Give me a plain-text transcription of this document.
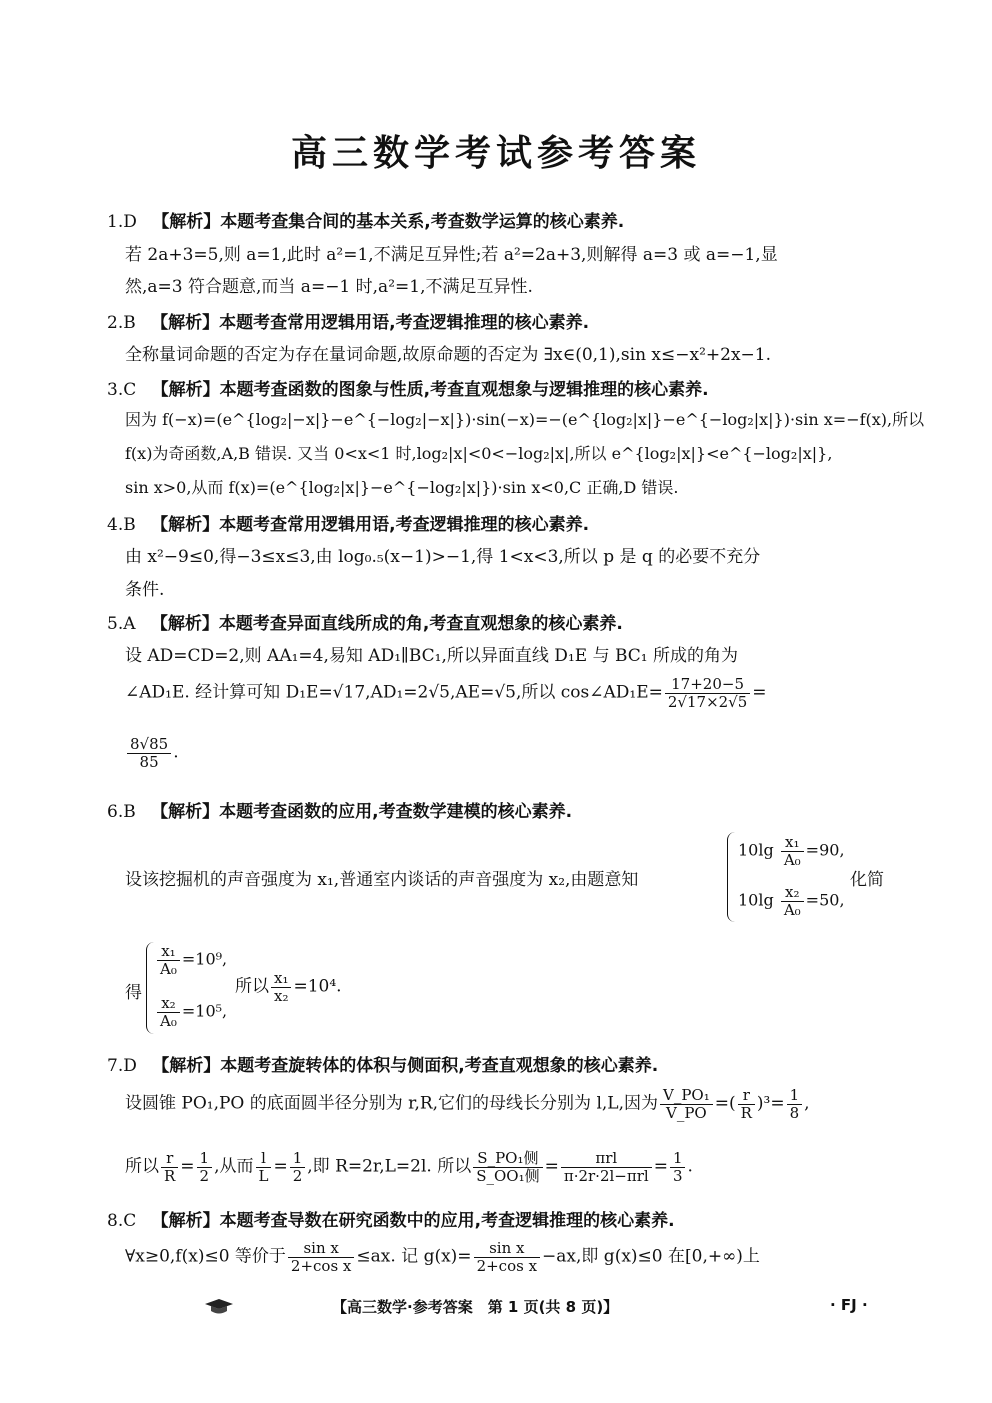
高三数学考试参考答案
1.D 【解析】本题考查集合间的基本关系,考查数学运算的核心素养.
若 2a+3=5,则 a=1,此时 a²=1,不满足互异性;若 a²=2a+3,则解得 a=3 或 a=−1,显
然,a=3 符合题意,而当 a=−1 时,a²=1,不满足互异性.
2.B 【解析】本题考查常用逻辑用语,考查逻辑推理的核心素养.
全称量词命题的否定为存在量词命题,故原命题的否定为 ∃x∈(0,1),sin x≤−x²+2x−1.
3.C 【解析】本题考查函数的图象与性质,考查直观想象与逻辑推理的核心素养.
因为 f(−x)=(e^{log₂|−x|}−e^{−log₂|−x|})·sin(−x)=−(e^{log₂|x|}−e^{−log₂|x|})·sin x=−f(x),所以
f(x)为奇函数,A,B 错误. 又当 0<x<1 时,log₂|x|<0<−log₂|x|,所以 e^{log₂|x|}<e^{−log₂|x|},
sin x>0,从而 f(x)=(e^{log₂|x|}−e^{−log₂|x|})·sin x<0,C 正确,D 错误.
4.B 【解析】本题考查常用逻辑用语,考查逻辑推理的核心素养.
由 x²−9≤0,得−3≤x≤3,由 log₀.₅(x−1)>−1,得 1<x<3,所以 p 是 q 的必要不充分
条件.
5.A 【解析】本题考查异面直线所成的角,考查直观想象的核心素养.
设 AD=CD=2,则 AA₁=4,易知 AD₁∥BC₁,所以异面直线 D₁E 与 BC₁ 所成的角为
∠AD₁E. 经计算可知 D₁E=√17,AD₁=2√5,AE=√5,所以 cos∠AD₁E= $\frac{17+20-5}{2√17\times 2√5}$ =
$\frac{8√85}{85}$ .
6.B 【解析】本题考查函数的应用,考查数学建模的核心素养.
设该挖掘机的声音强度为 x₁,普通室内谈话的声音强度为 x₂,由题意知
$10\lg \frac{\text{x₁}}{\text{A₀}} =90$,
$10\lg \frac{\text{x₂}}{\text{A₀}} =50$,
化简
得
$\frac{\text{x₁}}{\text{A₀}} =10^9$,
$\frac{\text{x₂}}{\text{A₀}} =10^5$,
所以 $\frac{\text{x₁}}{\text{x₂}} =10^4$.
7.D 【解析】本题考查旋转体的体积与侧面积,考查直观想象的核心素养.
设圆锥 PO₁,PO 的底面圆半径分别为 r,R,它们的母线长分别为 l,L,因为 $\frac{\text{V\_PO₁}}{V\_PO}$ =( $\frac{r}{R} )^3= \frac{1}{8}$ ,
所以 $\frac{r}{R} = \frac{1}{2}$ ,从而 $\frac{l}{L} = \frac{1}{2}$ ,即 R=2r,L=2l. 所以 $\frac{\text{S\_PO₁侧}}{\text{S\_OO₁侧}} = \frac{\text{πrl}}{\text{π·2r·2l−πrl}} = \frac{1}{3}$ .
8.C 【解析】本题考查导数在研究函数中的应用,考查逻辑推理的核心素养.
∀x≥0,f(x)≤0 等价于 $\frac{\text{sin x}}{\text{2+cos x}} \le ax$. 记 $g(x)= \frac{\text{sin x}}{\text{2+cos x}} -ax$,即 g(x)≤0 在[0,+∞)上
【高三数学·参考答案　第 1 页(共 8 页)】	· FJ ·
